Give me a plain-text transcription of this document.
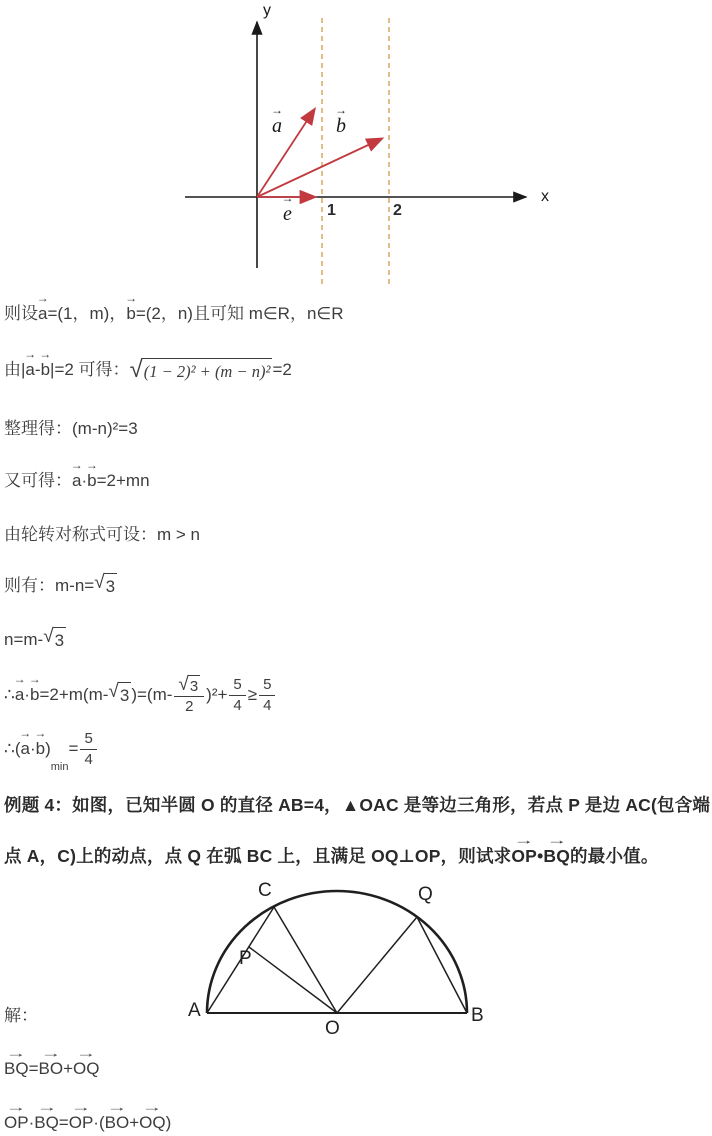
y
x
→
a
→
b
→
e 1	2
则设
→
a =(1，m)，
→
b =(2，n)且可知 m∈R，n∈R
由|
→
a -
→
b |=2 可得： √ (1 − 2)² + (m − n)² =2
整理得：(m-n)²=3
又可得：
→
a ·
→
b =2+mn
由轮转对称式可设：m > n
则有：m-n= √ 3
n=m- √ 3
∴
→
a ·
→
b =2+m(m- √ 3 )$=(m- \frac{√ 3}{2} )^2+ \frac{5}{4} \ge \frac{5}{4}$
∴(
→
a ·
→
b )
min
= $\frac{5}{4}$
例题 4：如图，已知半圆 O 的直径 AB=4，▲OAC 是等边三角形，若点 P 是边 AC(包含端
点 A，C)上的动点，点 Q 在弧 BC 上，且满足 OQ⊥OP，则试求
→
OP •
→
BQ 的最小值。
A	B
O
C	Q
P
解：
→
BQ =
→
BO +
→
OQ
→
OP ·
→
BQ =
→
OP ·(
→
BO +
→
OQ )
